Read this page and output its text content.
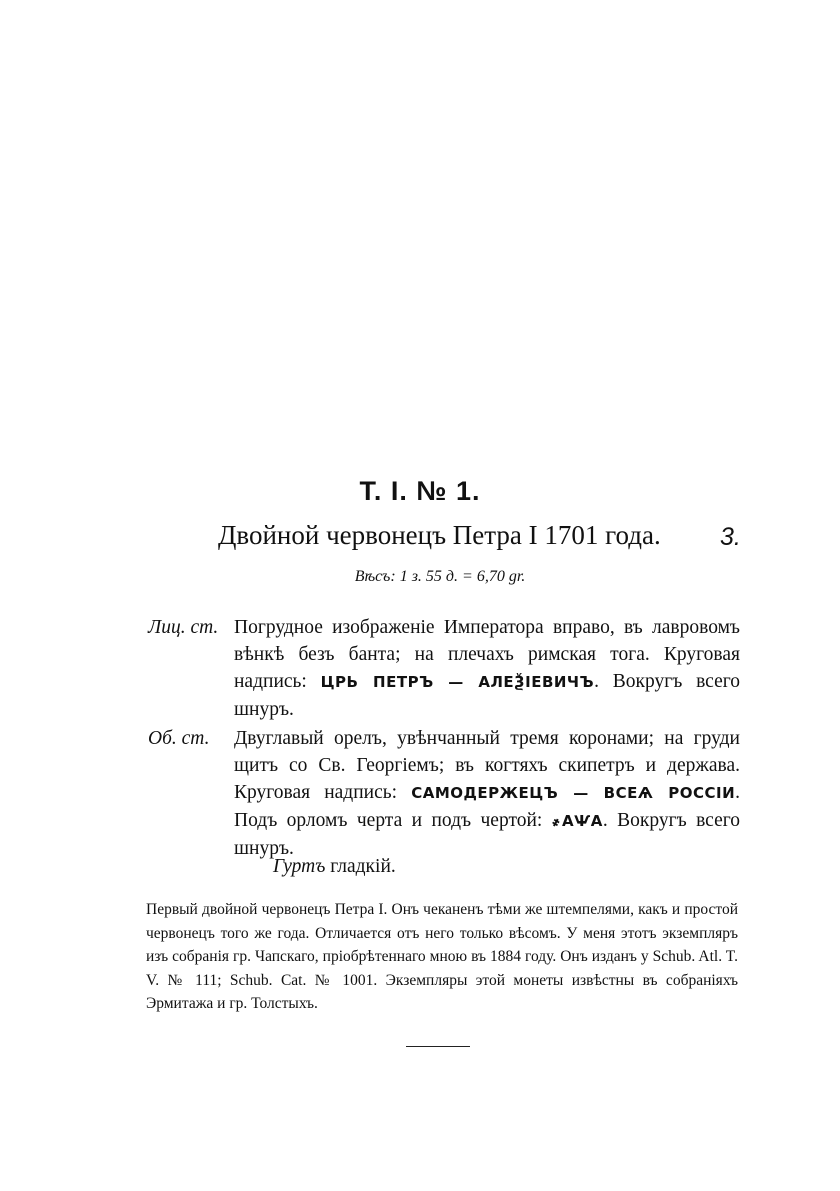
Т. I. № 1.
Двойной червонецъ Петра I 1701 года. 3.
Вѣсъ: 1 з. 55 д. = 6,70 gr.
Лиц. ст. Погрудное изображеніе Императора вправо, въ лавровомъ вѣнкѣ безъ банта; на плечахъ римская тога. Круговая надпись: ЦРЬ ПЕТРЪ — АЛЕѮІЕВИЧЪ. Вокругъ всего шнуръ.
Об. ст. Двуглавый орелъ, увѣнчанный тремя коронами; на груди щитъ со Св. Георгіемъ; въ когтяхъ скипетръ и держава. Круговая надпись: САМОДЕРЖЕЦЪ — ВСЕѦ РОССІИ. Подъ орломъ черта и подъ чертой: ҂АѰА. Вокругъ всего шнуръ.
Гуртъ гладкій.
Первый двойной червонецъ Петра I. Онъ чеканенъ тѣми же штемпелями, какъ и простой червонецъ того же года. Отличается отъ него только вѣсомъ. У меня этотъ экземпляръ изъ собранія гр. Чапскаго, пріобрѣтеннаго мною въ 1884 году. Онъ изданъ у Schub. Atl. T. V. № 111; Schub. Cat. № 1001. Экземпляры этой монеты извѣстны въ собраніяхъ Эрмитажа и гр. Толстыхъ.
